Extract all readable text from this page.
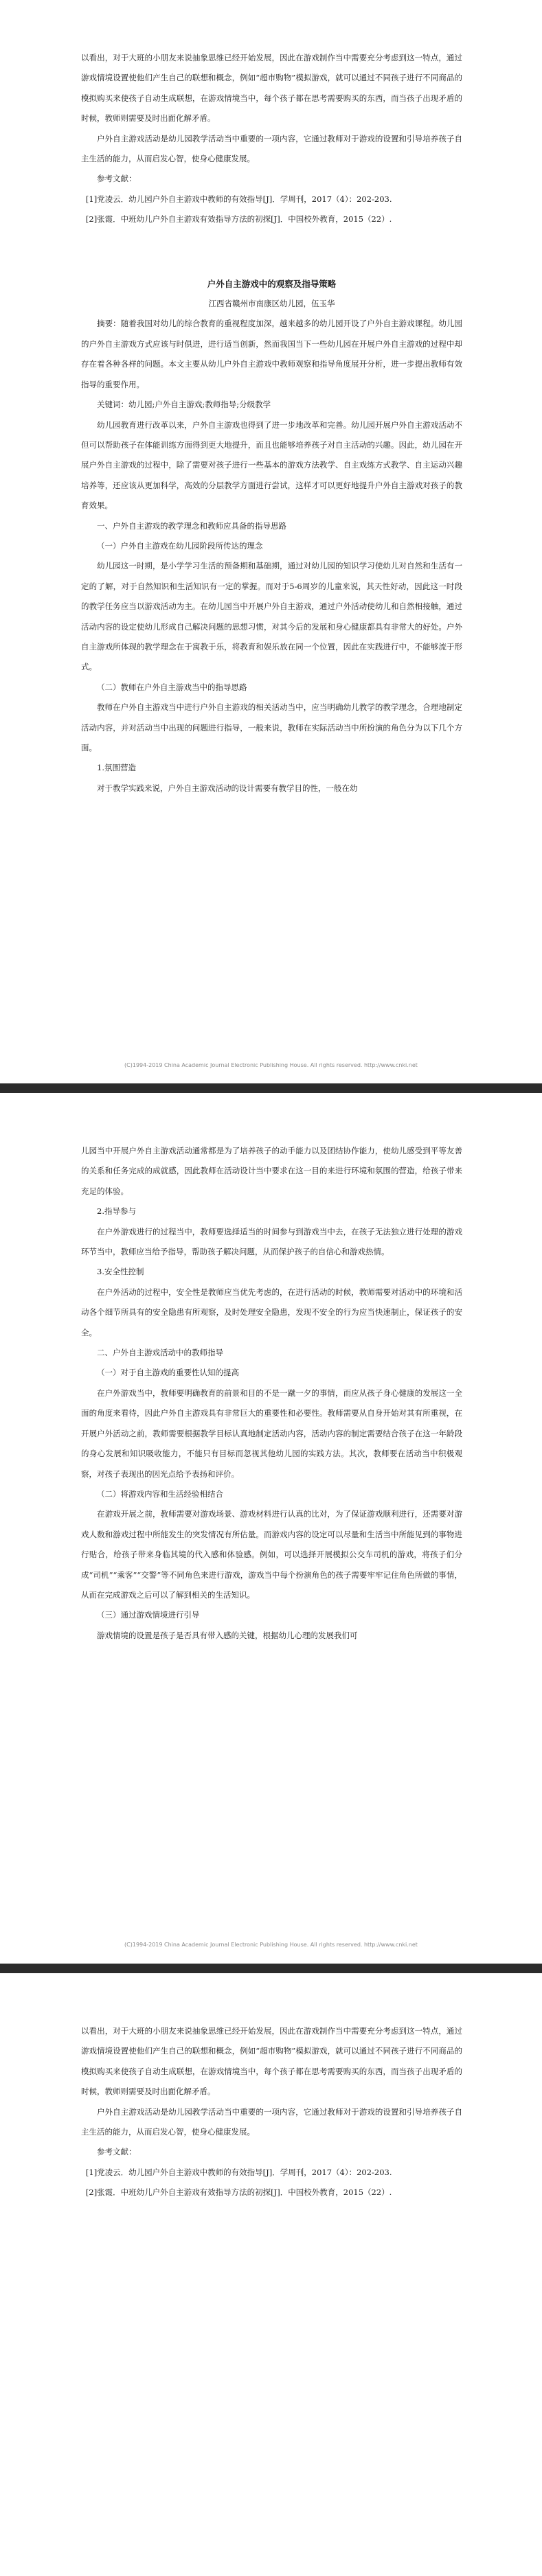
以看出，对于大班的小朋友来说抽象思维已经开始发展，因此在游戏制作当中需要充分考虑到这一特点，通过游戏情境设置使他们产生自己的联想和概念，例如“超市购物”模拟游戏，就可以通过不同孩子进行不同商品的模拟购买来使孩子自动生成联想，在游戏情境当中，每个孩子都在思考需要购买的东西，而当孩子出现矛盾的时候，教师则需要及时出面化解矛盾。

户外自主游戏活动是幼儿园教学活动当中重要的一项内容，它通过教师对于游戏的设置和引导培养孩子自主生活的能力，从而启发心智，使身心健康发展。

参考文献：

[1]党凌云．幼儿园户外自主游戏中教师的有效指导[J]．学周刊，2017（4）：202-203.

[2]张霞．中班幼儿户外自主游戏有效指导方法的初探[J]．中国校外教育，2015（22）.

户外自主游戏中的观察及指导策略

江西省赣州市南康区幼儿园，伍玉华

摘要：随着我国对幼儿的综合教育的重视程度加深，越来越多的幼儿园开设了户外自主游戏课程。幼儿园的户外自主游戏方式应该与时俱进，进行适当创新，然而我国当下一些幼儿园在开展户外自主游戏的过程中却存在着各种各样的问题。本文主要从幼儿户外自主游戏中教师观察和指导角度展开分析，进一步提出教师有效指导的重要作用。

关键词：幼儿园;户外自主游戏;教师指导;分级教学

幼儿园教育进行改革以来，户外自主游戏也得到了进一步地改革和完善。幼儿园开展户外自主游戏活动不但可以帮助孩子在体能训练方面得到更大地提升，而且也能够培养孩子对自主活动的兴趣。因此，幼儿园在开展户外自主游戏的过程中，除了需要对孩子进行一些基本的游戏方法教学、自主戏练方式教学、自主运动兴趣培养等，还应该从更加科学，高效的分层教学方面进行尝试，这样才可以更好地提升户外自主游戏对孩子的教育效果。

一、户外自主游戏的教学理念和教师应具备的指导思路

（一）户外自主游戏在幼儿园阶段所传达的理念

幼儿园这一时期，是小学学习生活的预备期和基础期，通过对幼儿园的知识学习使幼儿对自然和生活有一定的了解，对于自然知识和生活知识有一定的掌握。而对于5-6周岁的儿童来说，其天性好动，因此这一时段的教学任务应当以游戏活动为主。在幼儿园当中开展户外自主游戏，通过户外活动使幼儿和自然相接触，通过活动内容的设定使幼儿形成自己解决问题的思想习惯，对其今后的发展和身心健康都具有非常大的好处。户外自主游戏所体现的教学理念在于寓教于乐，将教育和娱乐放在同一个位置，因此在实践进行中，不能够流于形式。

（二）教师在户外自主游戏当中的指导思路

教师在户外自主游戏当中进行户外自主游戏的相关活动当中，应当明确幼儿教学的教学理念，合理地制定活动内容，并对活动当中出现的问题进行指导，一般来说，教师在实际活动当中所扮演的角色分为以下几个方面。

1.氛围营造

对于教学实践来说，户外自主游戏活动的设计需要有教学目的性，一般在幼

(C)1994-2019 China Academic Journal Electronic Publishing House. All rights reserved. http://www.cnki.net

儿园当中开展户外自主游戏活动通常都是为了培养孩子的动手能力以及团结协作能力，使幼儿感受到平等友善的关系和任务完成的成就感，因此教师在活动设计当中要求在这一目的来进行环境和氛围的营造，给孩子带来充足的体验。

2.指导参与

在户外游戏进行的过程当中，教师要选择适当的时间参与到游戏当中去，在孩子无法独立进行处理的游戏环节当中，教师应当给予指导，帮助孩子解决问题，从而保护孩子的自信心和游戏热情。

3.安全性控制

在户外活动的过程中，安全性是教师应当优先考虑的，在进行活动的时候，教师需要对活动中的环境和活动各个细节所具有的安全隐患有所观察，及时处理安全隐患，发现不安全的行为应当快速制止，保证孩子的安全。

二、户外自主游戏活动中的教师指导

（一）对于自主游戏的重要性认知的提高

在户外游戏当中，教师要明确教育的前景和目的不是一蹴一夕的事情，而应从孩子身心健康的发展这一全面的角度来看待，因此户外自主游戏具有非常巨大的重要性和必要性。教师需要从自身开始对其有所重视，在开展户外活动之前，教师需要根据教学目标认真地制定活动内容，活动内容的制定需要结合孩子在这一年龄段的身心发展和知识吸收能力，不能只有目标而忽视其他幼儿园的实践方法。其次，教师要在活动当中积极观察，对孩子表现出的因光点给予表扬和评价。

（二）将游戏内容和生活经验相结合

在游戏开展之前，教师需要对游戏场景、游戏材料进行认真的比对，为了保证游戏顺利进行，还需要对游戏人数和游戏过程中所能发生的突发情况有所估量。而游戏内容的设定可以尽量和生活当中所能见到的事物进行贴合，给孩子带来身临其境的代入感和体验感。例如，可以选择开展模拟公交车司机的游戏，将孩子们分成“司机”“乘客”“交警”等不同角色来进行游戏，游戏当中每个扮演角色的孩子需要牢牢记住角色所做的事情，从而在完成游戏之后可以了解到相关的生活知识。

（三）通过游戏情境进行引导

游戏情境的设置是孩子是否具有带入感的关键，根据幼儿心理的发展我们可

(C)1994-2019 China Academic Journal Electronic Publishing House. All rights reserved. http://www.cnki.net

以看出，对于大班的小朋友来说抽象思维已经开始发展，因此在游戏制作当中需要充分考虑到这一特点，通过游戏情境设置使他们产生自己的联想和概念，例如“超市购物”模拟游戏，就可以通过不同孩子进行不同商品的模拟购买来使孩子自动生成联想，在游戏情境当中，每个孩子都在思考需要购买的东西，而当孩子出现矛盾的时候，教师则需要及时出面化解矛盾。

户外自主游戏活动是幼儿园教学活动当中重要的一项内容，它通过教师对于游戏的设置和引导培养孩子自主生活的能力，从而启发心智，使身心健康发展。

参考文献：

[1]党凌云．幼儿园户外自主游戏中教师的有效指导[J]．学周刊，2017（4）：202-203.

[2]张霞．中班幼儿户外自主游戏有效指导方法的初探[J]．中国校外教育，2015（22）.
